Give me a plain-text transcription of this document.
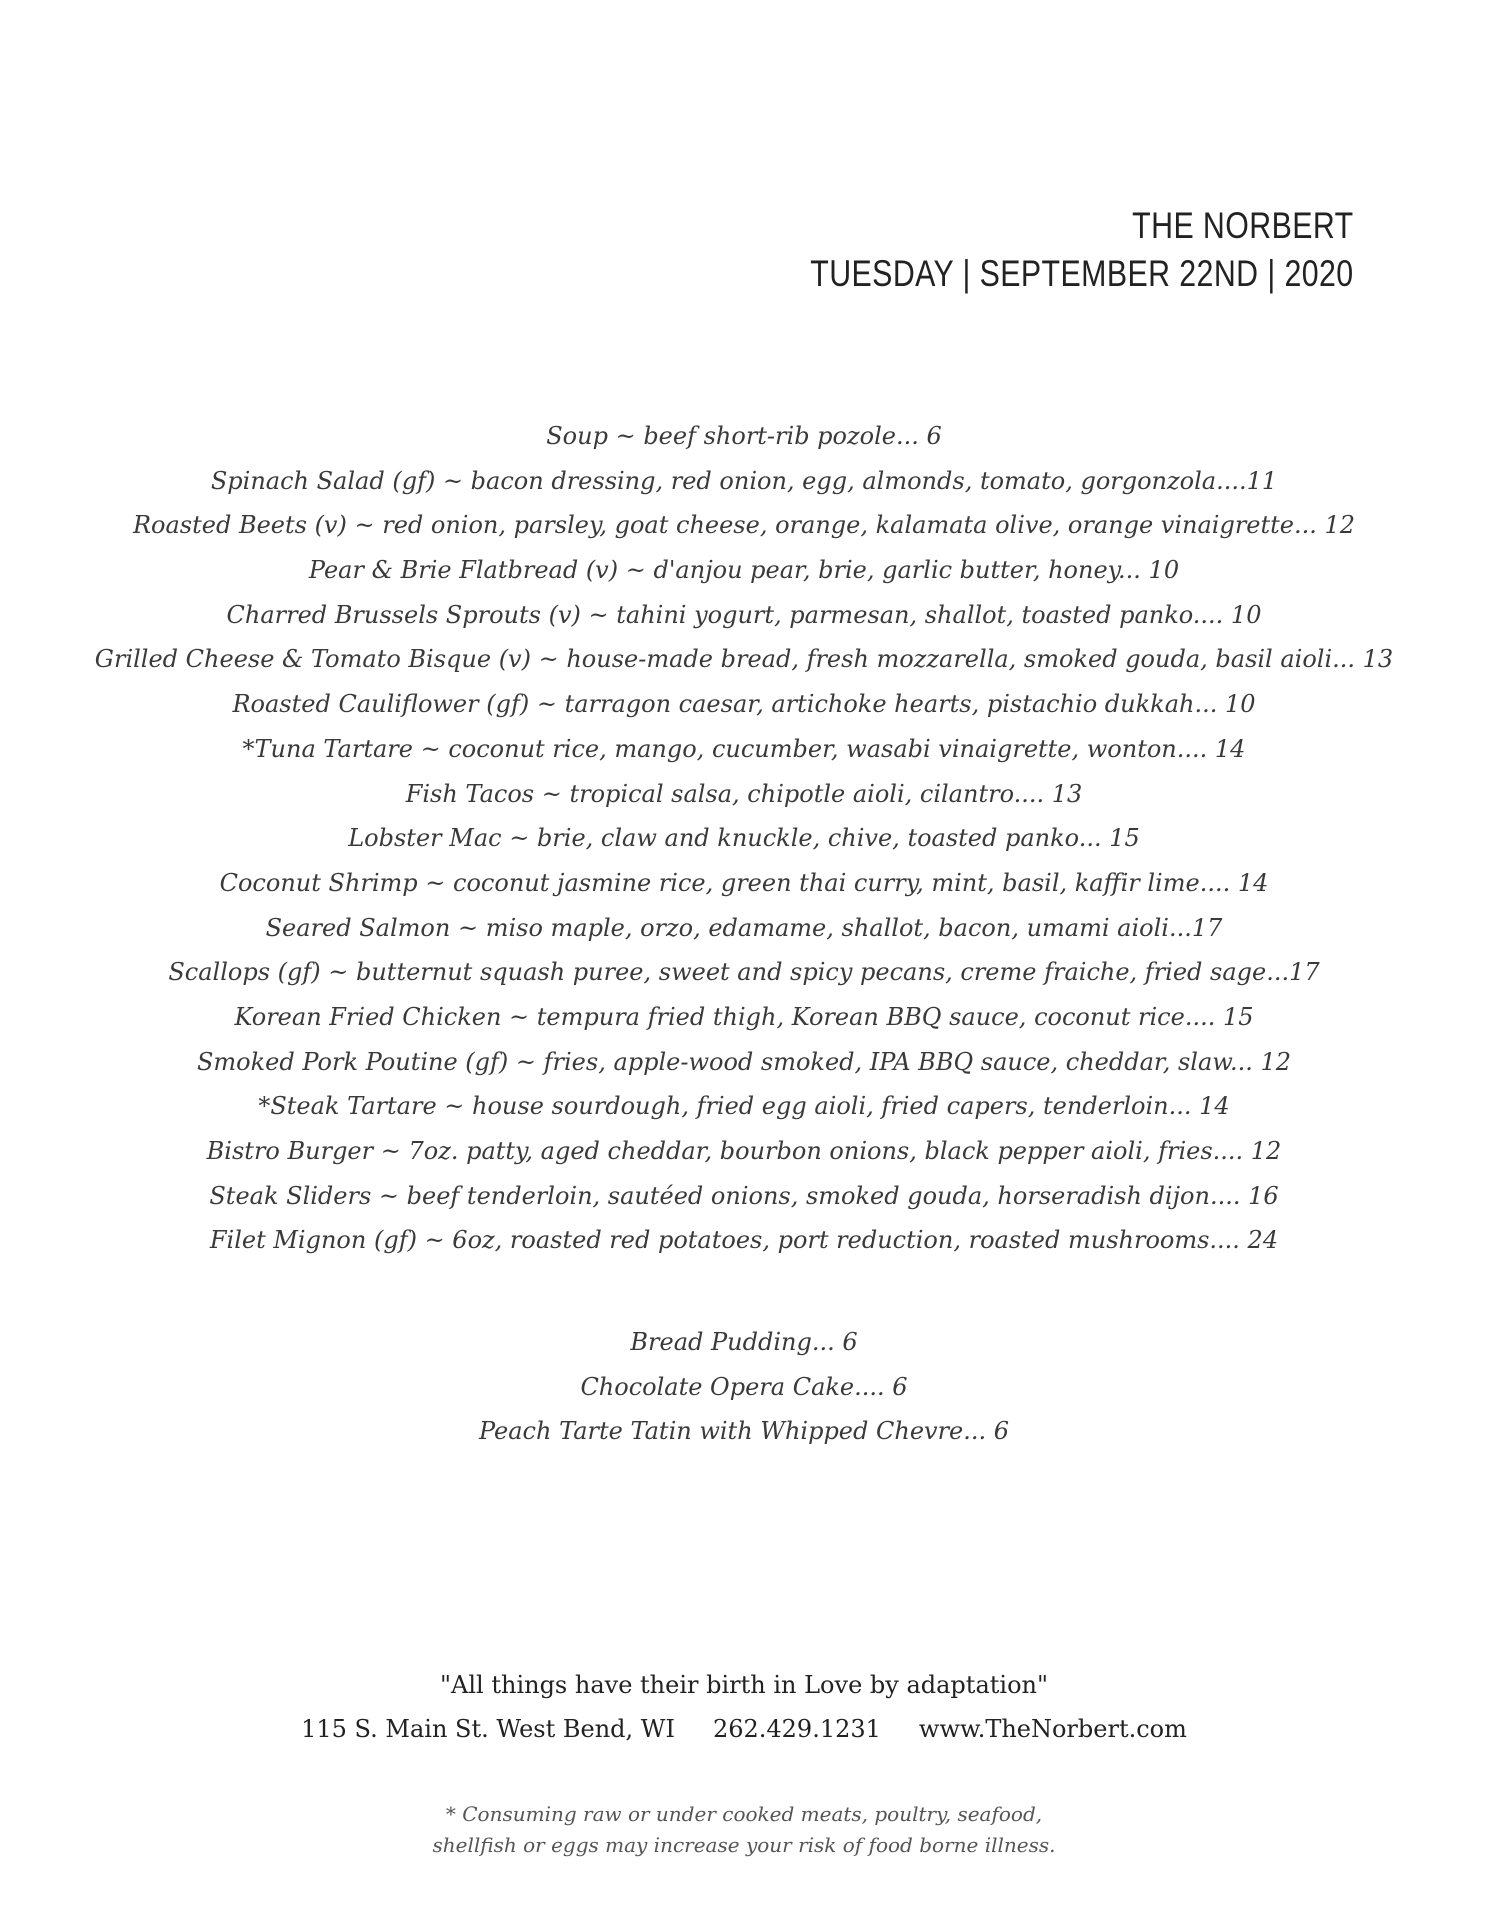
THE NORBERT
TUESDAY | SEPTEMBER 22ND | 2020
Soup ~ beef short-rib pozole... 6
Spinach Salad (gf) ~ bacon dressing, red onion, egg, almonds, tomato, gorgonzola....11
Roasted Beets (v) ~ red onion, parsley, goat cheese, orange, kalamata olive, orange vinaigrette... 12
Pear & Brie Flatbread (v) ~ d'anjou pear, brie, garlic butter, honey... 10
Charred Brussels Sprouts (v) ~ tahini yogurt, parmesan, shallot, toasted panko.... 10
Grilled Cheese & Tomato Bisque (v) ~ house-made bread, fresh mozzarella, smoked gouda, basil aioli... 13
Roasted Cauliflower (gf) ~ tarragon caesar, artichoke hearts, pistachio dukkah... 10
*Tuna Tartare ~ coconut rice, mango, cucumber, wasabi vinaigrette, wonton.... 14
Fish Tacos ~ tropical salsa, chipotle aioli, cilantro.... 13
Lobster Mac ~ brie, claw and knuckle, chive, toasted panko... 15
Coconut Shrimp ~ coconut jasmine rice, green thai curry, mint, basil, kaffir lime.... 14
Seared Salmon ~ miso maple, orzo, edamame, shallot, bacon, umami aioli...17
Scallops (gf) ~ butternut squash puree, sweet and spicy pecans, creme fraiche, fried sage...17
Korean Fried Chicken ~ tempura fried thigh, Korean BBQ sauce, coconut rice.... 15
Smoked Pork Poutine (gf) ~ fries, apple-wood smoked, IPA BBQ sauce, cheddar, slaw... 12
*Steak Tartare ~ house sourdough, fried egg aioli, fried capers, tenderloin... 14
Bistro Burger ~ 7oz. patty, aged cheddar, bourbon onions, black pepper aioli, fries.... 12
Steak Sliders ~ beef tenderloin, sautéed onions, smoked gouda, horseradish dijon.... 16
Filet Mignon (gf) ~ 6oz, roasted red potatoes, port reduction, roasted mushrooms.... 24
Bread Pudding... 6
Chocolate Opera Cake.... 6
Peach Tarte Tatin with Whipped Chevre... 6
"All things have their birth in Love by adaptation"
115 S. Main St. West Bend, WI 262.429.1231 www.TheNorbert.com
* Consuming raw or under cooked meats, poultry, seafood,
shellfish or eggs may increase your risk of food borne illness.
